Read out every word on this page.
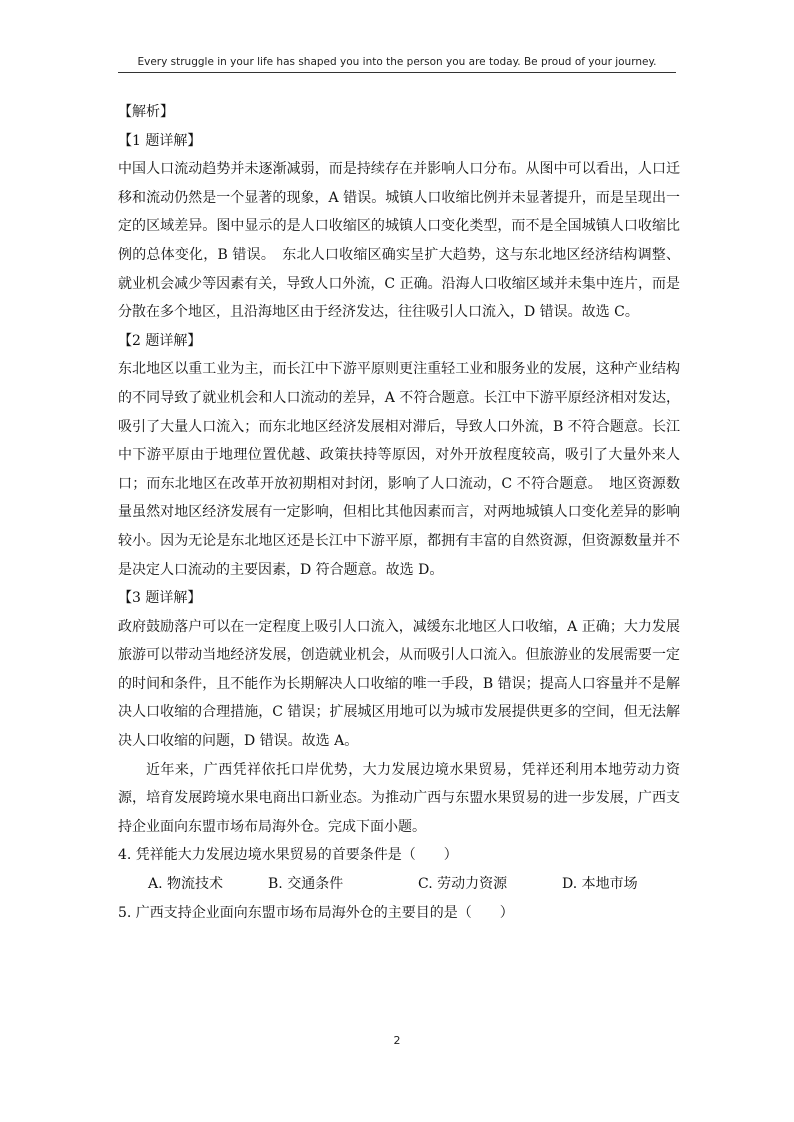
Every struggle in your life has shaped you into the person you are today. Be proud of your journey.

【解析】

【1 题详解】

中国人口流动趋势并未逐渐减弱，而是持续存在并影响人口分布。从图中可以看出，人口迁移和流动仍然是一个显著的现象，A 错误。城镇人口收缩比例并未显著提升，而是呈现出一定的区域差异。图中显示的是人口收缩区的城镇人口变化类型，而不是全国城镇人口收缩比例的总体变化，B 错误。　东北人口收缩区确实呈扩大趋势，这与东北地区经济结构调整、就业机会减少等因素有关，导致人口外流，C 正确。沿海人口收缩区域并未集中连片，而是分散在多个地区，且沿海地区由于经济发达，往往吸引人口流入，D 错误。故选 C。

【2 题详解】

东北地区以重工业为主，而长江中下游平原则更注重轻工业和服务业的发展，这种产业结构的不同导致了就业机会和人口流动的差异，A 不符合题意。长江中下游平原经济相对发达，吸引了大量人口流入；而东北地区经济发展相对滞后，导致人口外流，B 不符合题意。长江中下游平原由于地理位置优越、政策扶持等原因，对外开放程度较高，吸引了大量外来人口；而东北地区在改革开放初期相对封闭，影响了人口流动，C 不符合题意。　地区资源数量虽然对地区经济发展有一定影响，但相比其他因素而言，对两地城镇人口变化差异的影响较小。因为无论是东北地区还是长江中下游平原，都拥有丰富的自然资源，但资源数量并不是决定人口流动的主要因素，D 符合题意。故选 D。

【3 题详解】

政府鼓励落户可以在一定程度上吸引人口流入，减缓东北地区人口收缩，A 正确；大力发展旅游可以带动当地经济发展，创造就业机会，从而吸引人口流入。但旅游业的发展需要一定的时间和条件，且不能作为长期解决人口收缩的唯一手段，B 错误；提高人口容量并不是解决人口收缩的合理措施，C 错误；扩展城区用地可以为城市发展提供更多的空间，但无法解决人口收缩的问题，D 错误。故选 A。

近年来，广西凭祥依托口岸优势，大力发展边境水果贸易，凭祥还利用本地劳动力资源，培育发展跨境水果电商出口新业态。为推动广西与东盟水果贸易的进一步发展，广西支持企业面向东盟市场布局海外仓。完成下面小题。

4. 凭祥能大力发展边境水果贸易的首要条件是（　　）

A. 物流技术	B. 交通条件	C. 劳动力资源	D. 本地市场

5. 广西支持企业面向东盟市场布局海外仓的主要目的是（　　）

2
